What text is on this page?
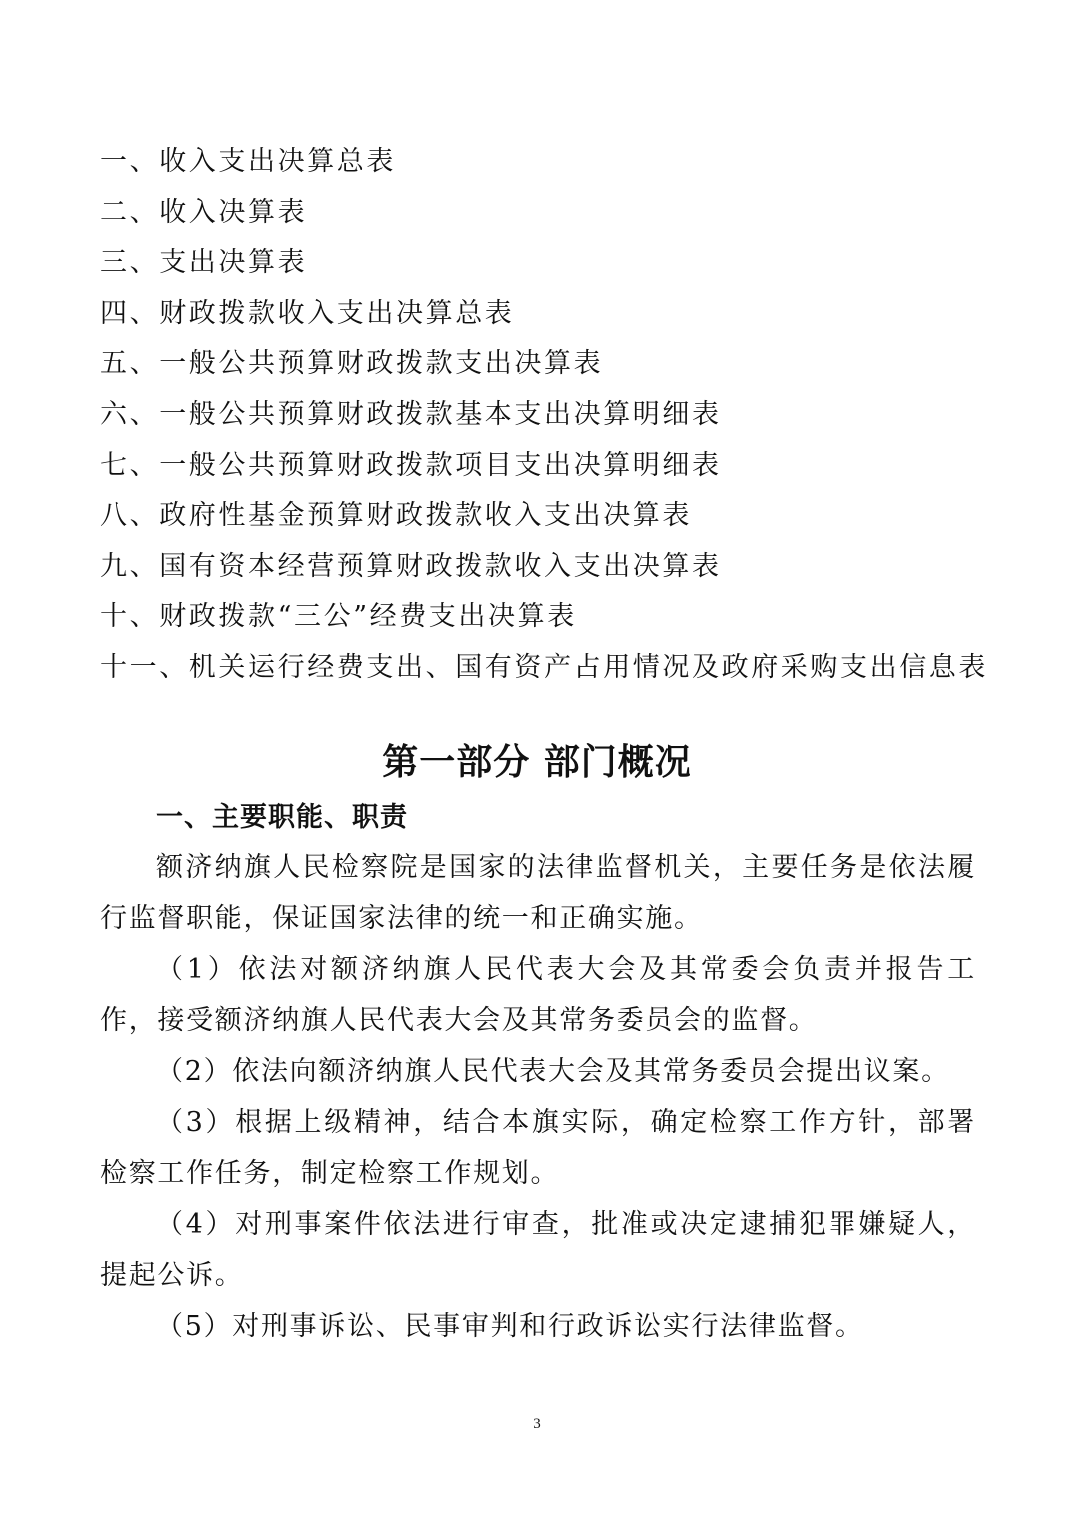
一、收入支出决算总表
二、收入决算表
三、支出决算表
四、财政拨款收入支出决算总表
五、一般公共预算财政拨款支出决算表
六、一般公共预算财政拨款基本支出决算明细表
七、一般公共预算财政拨款项目支出决算明细表
八、政府性基金预算财政拨款收入支出决算表
九、国有资本经营预算财政拨款收入支出决算表
十、财政拨款“三公”经费支出决算表
十一、机关运行经费支出、国有资产占用情况及政府采购支出信息表
第一部分 部门概况
一、主要职能、职责

额济纳旗人民检察院是国家的法律监督机关，主要任务是依法履行监督职能，保证国家法律的统一和正确实施。

（1）依法对额济纳旗人民代表大会及其常委会负责并报告工作，接受额济纳旗人民代表大会及其常务委员会的监督。

（2）依法向额济纳旗人民代表大会及其常务委员会提出议案。

（3）根据上级精神，结合本旗实际，确定检察工作方针，部署检察工作任务，制定检察工作规划。

（4）对刑事案件依法进行审查，批准或决定逮捕犯罪嫌疑人，提起公诉。

（5）对刑事诉讼、民事审判和行政诉讼实行法律监督。

3
